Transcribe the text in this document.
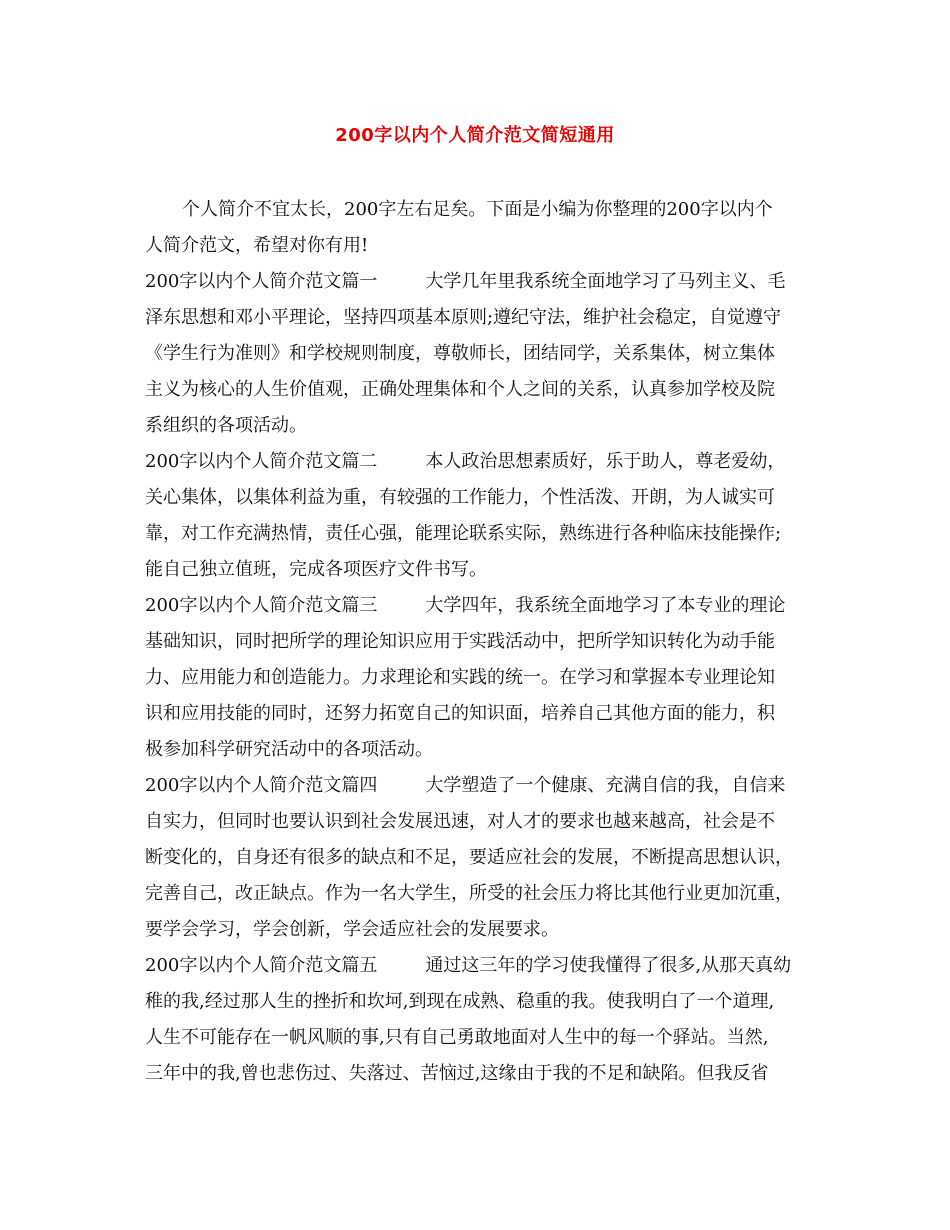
200字以内个人简介范文简短通用
个人简介不宜太长，200字左右足矣。下面是小编为你整理的200字以内个
人简介范文，希望对你有用!
200字以内个人简介范文篇一	大学几年里我系统全面地学习了马列主义、毛
泽东思想和邓小平理论，坚持四项基本原则;遵纪守法，维护社会稳定，自觉遵守
《学生行为准则》和学校规则制度，尊敬师长，团结同学，关系集体，树立集体
主义为核心的人生价值观，正确处理集体和个人之间的关系，认真参加学校及院
系组织的各项活动。
200字以内个人简介范文篇二	本人政治思想素质好，乐于助人，尊老爱幼，
关心集体，以集体利益为重，有较强的工作能力，个性活泼、开朗，为人诚实可
靠，对工作充满热情，责任心强，能理论联系实际，熟练进行各种临床技能操作;
能自己独立值班，完成各项医疗文件书写。
200字以内个人简介范文篇三	大学四年，我系统全面地学习了本专业的理论
基础知识，同时把所学的理论知识应用于实践活动中，把所学知识转化为动手能
力、应用能力和创造能力。力求理论和实践的统一。在学习和掌握本专业理论知
识和应用技能的同时，还努力拓宽自己的知识面，培养自己其他方面的能力，积
极参加科学研究活动中的各项活动。
200字以内个人简介范文篇四	大学塑造了一个健康、充满自信的我，自信来
自实力，但同时也要认识到社会发展迅速，对人才的要求也越来越高，社会是不
断变化的，自身还有很多的缺点和不足，要适应社会的发展，不断提高思想认识，
完善自己，改正缺点。作为一名大学生，所受的社会压力将比其他行业更加沉重，
要学会学习，学会创新，学会适应社会的发展要求。
200字以内个人简介范文篇五	通过这三年的学习使我懂得了很多,从那天真幼
稚的我,经过那人生的挫折和坎坷,到现在成熟、稳重的我。使我明白了一个道理,
人生不可能存在一帆风顺的事,只有自己勇敢地面对人生中的每一个驿站。当然,
三年中的我,曾也悲伤过、失落过、苦恼过,这缘由于我的不足和缺陷。但我反省
